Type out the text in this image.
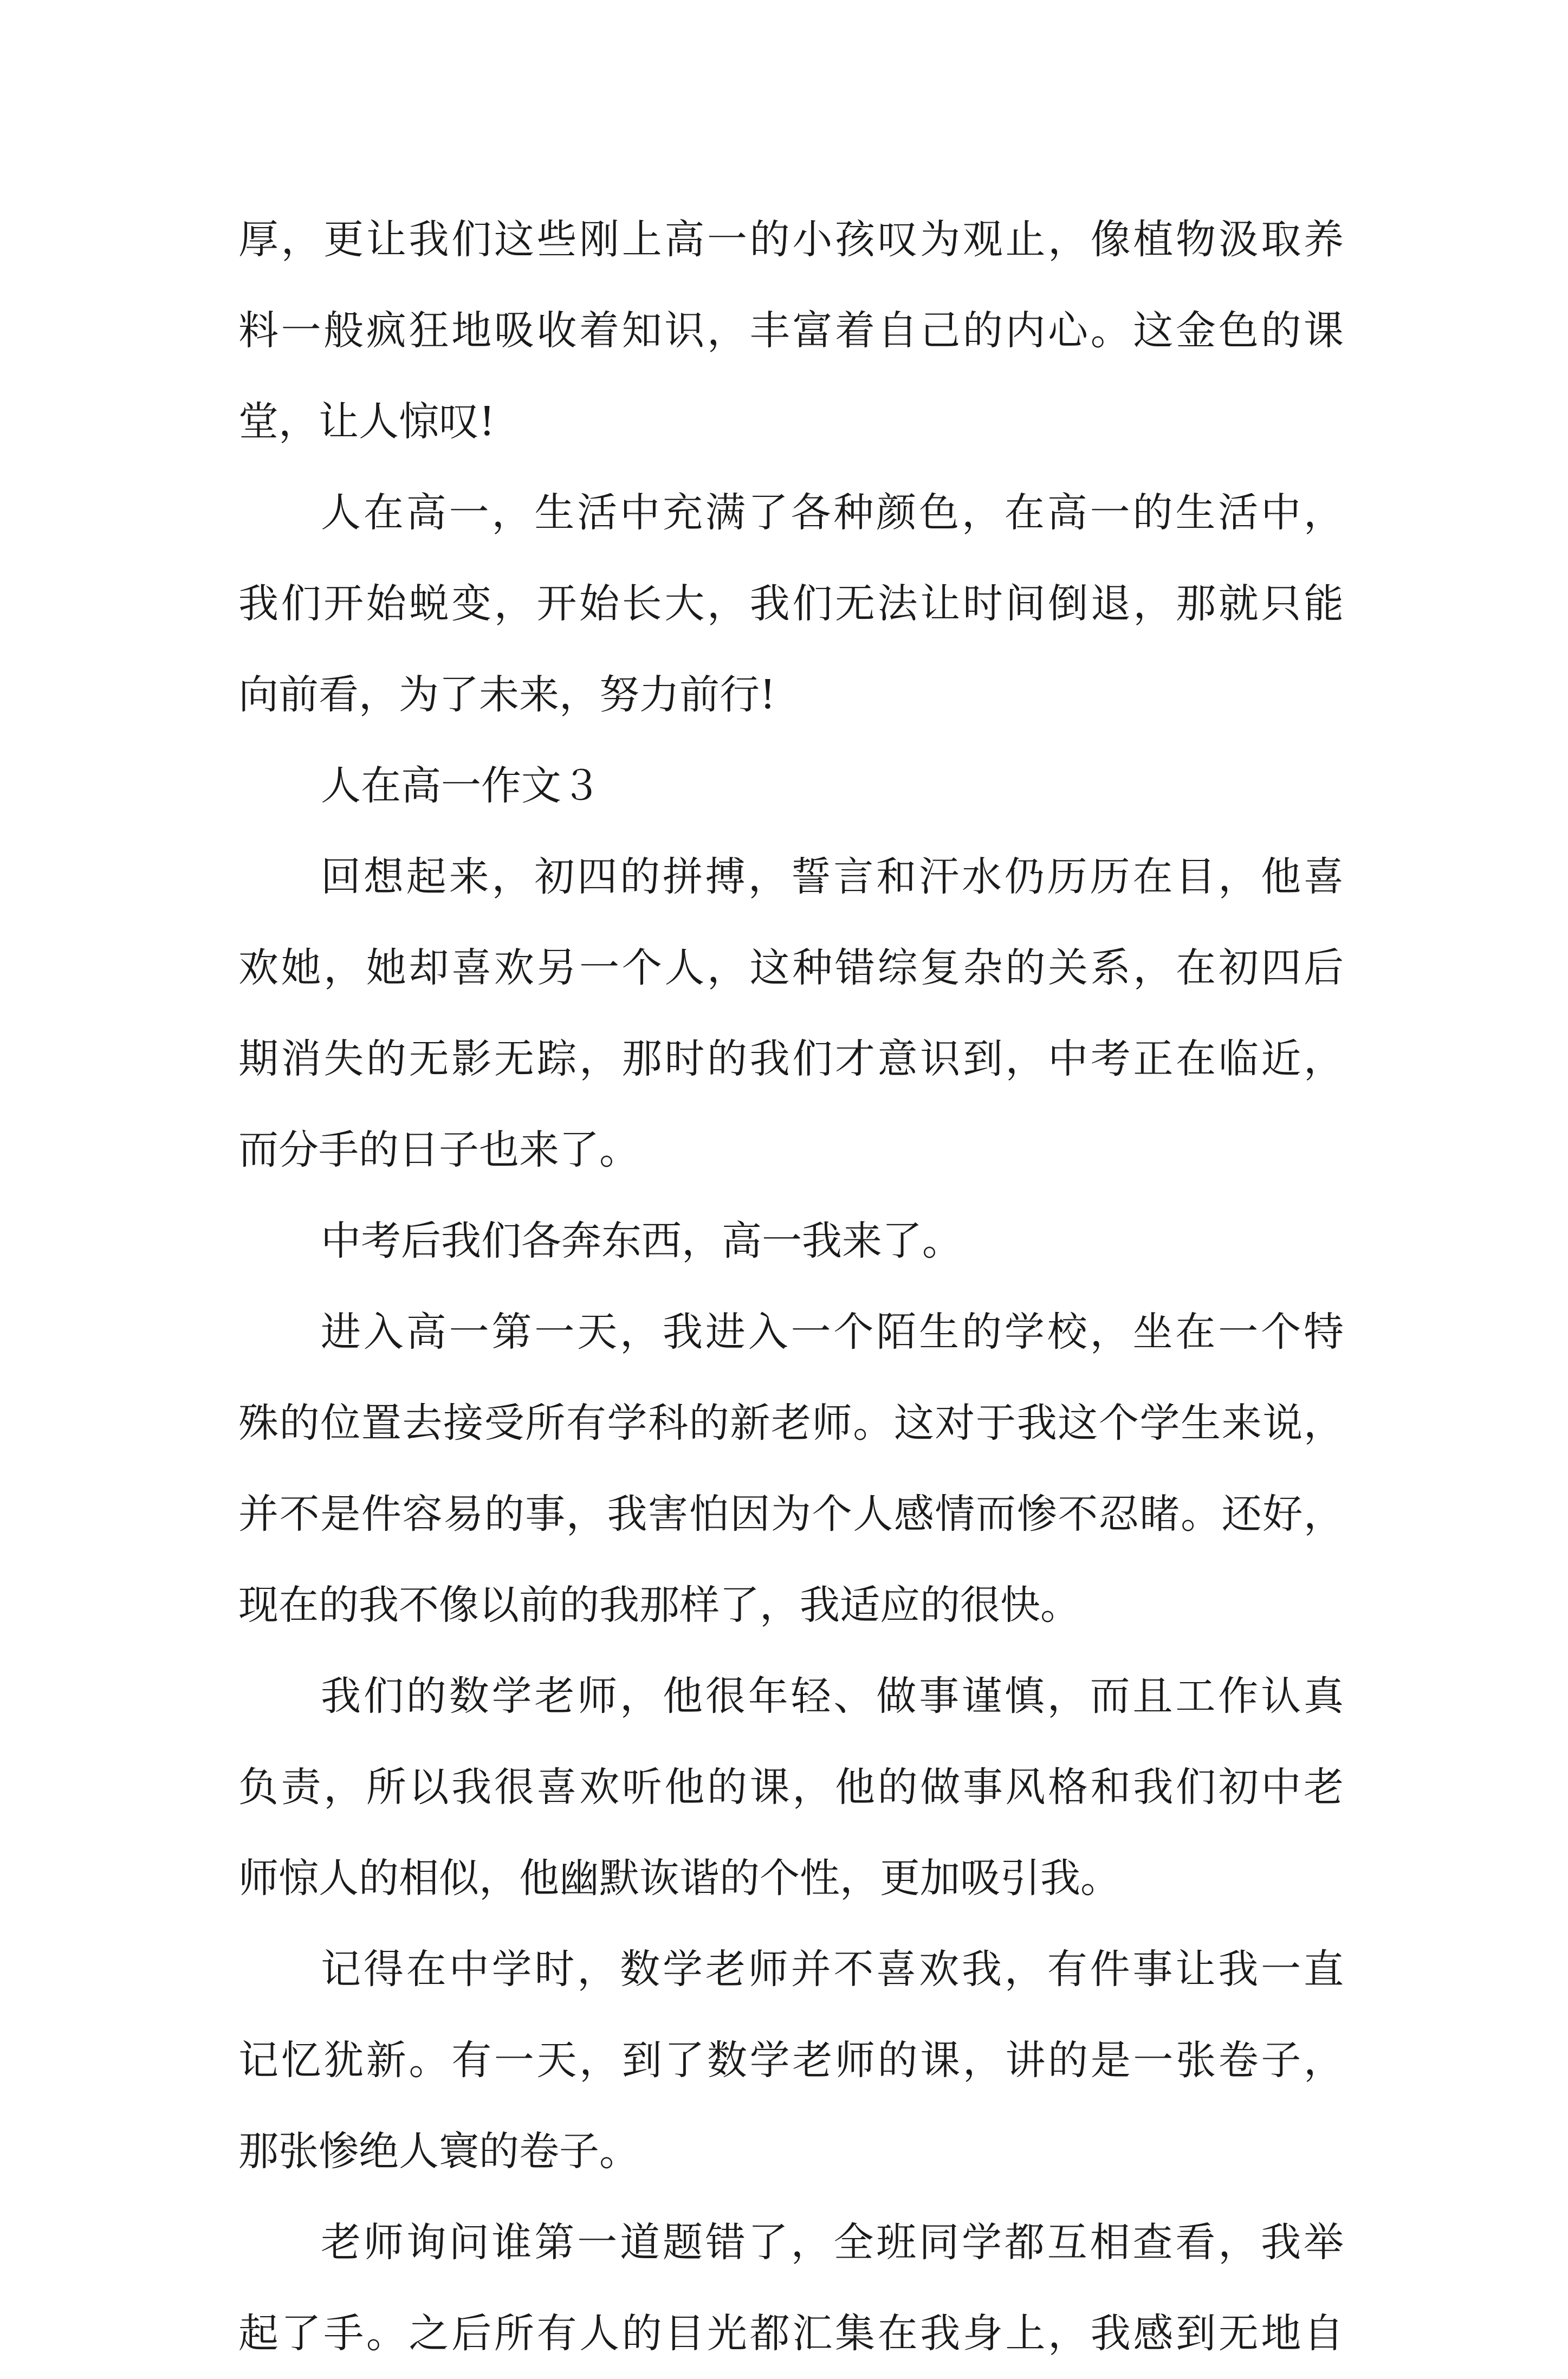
厚，更让我们这些刚上高一的小孩叹为观止，像植物汲取养
料一般疯狂地吸收着知识，丰富着自己的内心。这金色的课
堂，让人惊叹!
人在高一，生活中充满了各种颜色，在高一的生活中，
我们开始蜕变，开始长大，我们无法让时间倒退，那就只能
向前看，为了未来，努力前行!
人在高一作文３
回想起来，初四的拼搏，誓言和汗水仍历历在目，他喜
欢她，她却喜欢另一个人，这种错综复杂的关系，在初四后
期消失的无影无踪，那时的我们才意识到，中考正在临近，
而分手的日子也来了。
中考后我们各奔东西，高一我来了。
进入高一第一天，我进入一个陌生的学校，坐在一个特
殊的位置去接受所有学科的新老师。这对于我这个学生来说，
并不是件容易的事，我害怕因为个人感情而惨不忍睹。还好，
现在的我不像以前的我那样了，我适应的很快。
我们的数学老师，他很年轻、做事谨慎，而且工作认真
负责，所以我很喜欢听他的课，他的做事风格和我们初中老
师惊人的相似，他幽默诙谐的个性，更加吸引我。
记得在中学时，数学老师并不喜欢我，有件事让我一直
记忆犹新。有一天，到了数学老师的课，讲的是一张卷子，
那张惨绝人寰的卷子。
老师询问谁第一道题错了，全班同学都互相查看，我举
起了手。之后所有人的目光都汇集在我身上，我感到无地自
